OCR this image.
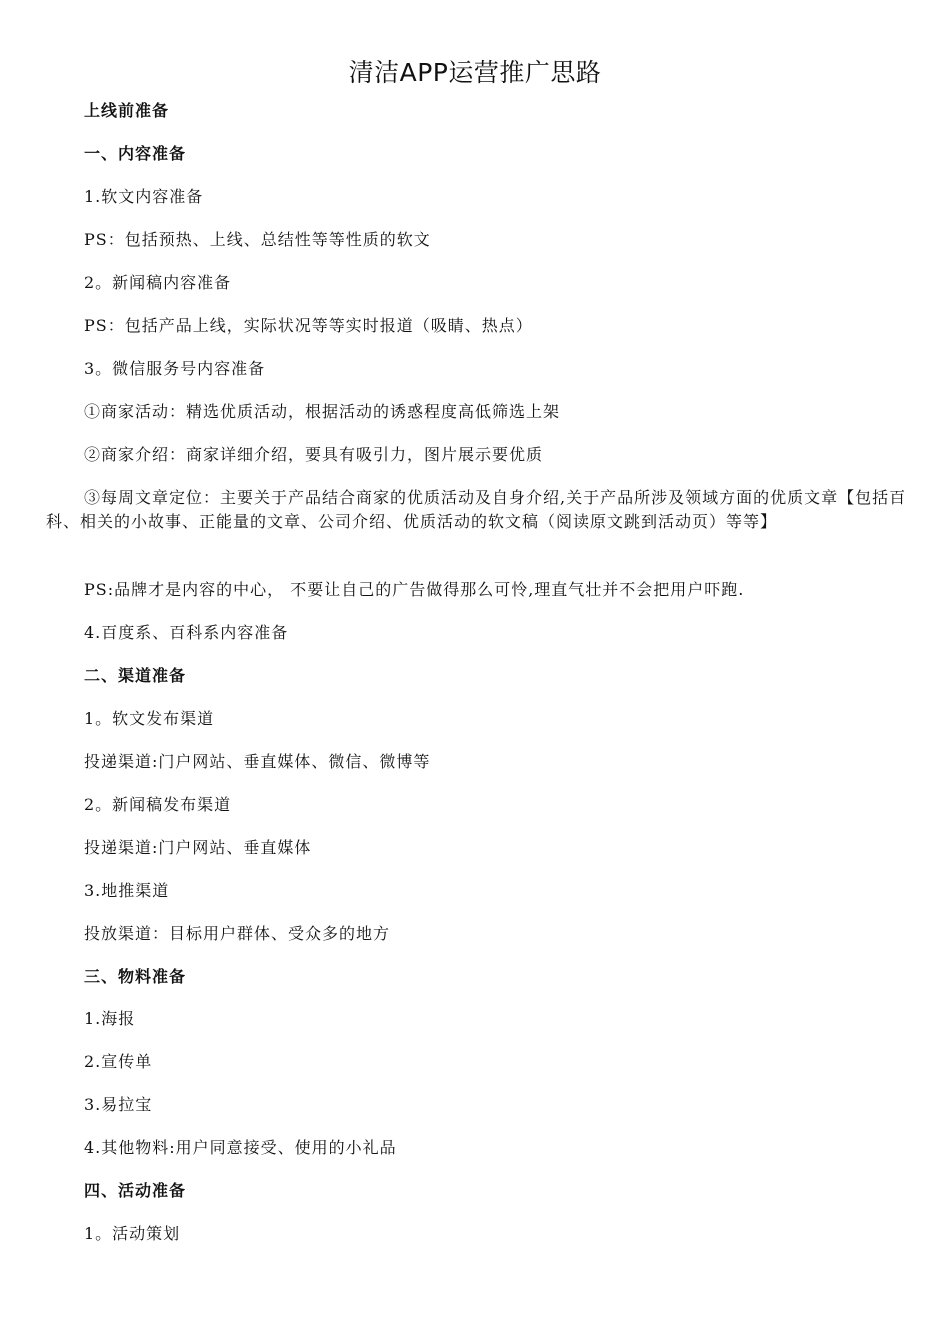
清洁APP运营推广思路
上线前准备
一、内容准备
1.软文内容准备
PS：包括预热、上线、总结性等等性质的软文
2。新闻稿内容准备
PS：包括产品上线，实际状况等等实时报道（吸睛、热点）
3。微信服务号内容准备
①商家活动：精选优质活动，根据活动的诱惑程度高低筛选上架
②商家介绍：商家详细介绍，要具有吸引力，图片展示要优质
③每周文章定位：主要关于产品结合商家的优质活动及自身介绍,关于产品所涉及领域方面的优质文章【包括百科、相关的小故事、正能量的文章、公司介绍、优质活动的软文稿（阅读原文跳到活动页）等等】
PS:品牌才是内容的中心， 不要让自己的广告做得那么可怜,理直气壮并不会把用户吓跑.
4.百度系、百科系内容准备
二、渠道准备
1。软文发布渠道
投递渠道:门户网站、垂直媒体、微信、微博等
2。新闻稿发布渠道
投递渠道:门户网站、垂直媒体
3.地推渠道
投放渠道：目标用户群体、受众多的地方
三、物料准备
1.海报
2.宣传单
3.易拉宝
4.其他物料:用户同意接受、使用的小礼品
四、活动准备
1。活动策划
